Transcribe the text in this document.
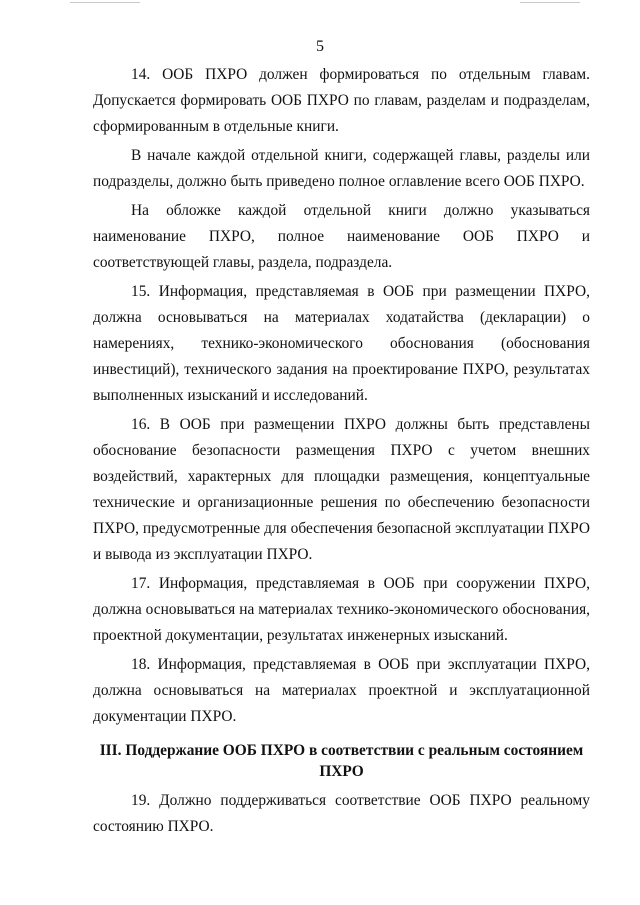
5

14. ООБ ПХРО должен формироваться по отдельным главам. Допускается формировать ООБ ПХРО по главам, разделам и подразделам, сформированным в отдельные книги.

В начале каждой отдельной книги, содержащей главы, разделы или подразделы, должно быть приведено полное оглавление всего ООБ ПХРО.

На обложке каждой отдельной книги должно указываться наименование ПХРО, полное наименование ООБ ПХРО и соответствующей главы, раздела, подраздела.

15. Информация, представляемая в ООБ при размещении ПХРО, должна основываться на материалах ходатайства (декларации) о намерениях, технико-экономического обоснования (обоснования инвестиций), технического задания на проектирование ПХРО, результатах выполненных изысканий и исследований.

16. В ООБ при размещении ПХРО должны быть представлены обоснование безопасности размещения ПХРО с учетом внешних воздействий, характерных для площадки размещения, концептуальные технические и организационные решения по обеспечению безопасности ПХРО, предусмотренные для обеспечения безопасной эксплуатации ПХРО и вывода из эксплуатации ПХРО.

17. Информация, представляемая в ООБ при сооружении ПХРО, должна основываться на материалах технико-экономического обоснования, проектной документации, результатах инженерных изысканий.

18. Информация, представляемая в ООБ при эксплуатации ПХРО, должна основываться на материалах проектной и эксплуатационной документации ПХРО.

III. Поддержание ООБ ПХРО в соответствии с реальным состоянием ПХРО

19. Должно поддерживаться соответствие ООБ ПХРО реальному состоянию ПХРО.
